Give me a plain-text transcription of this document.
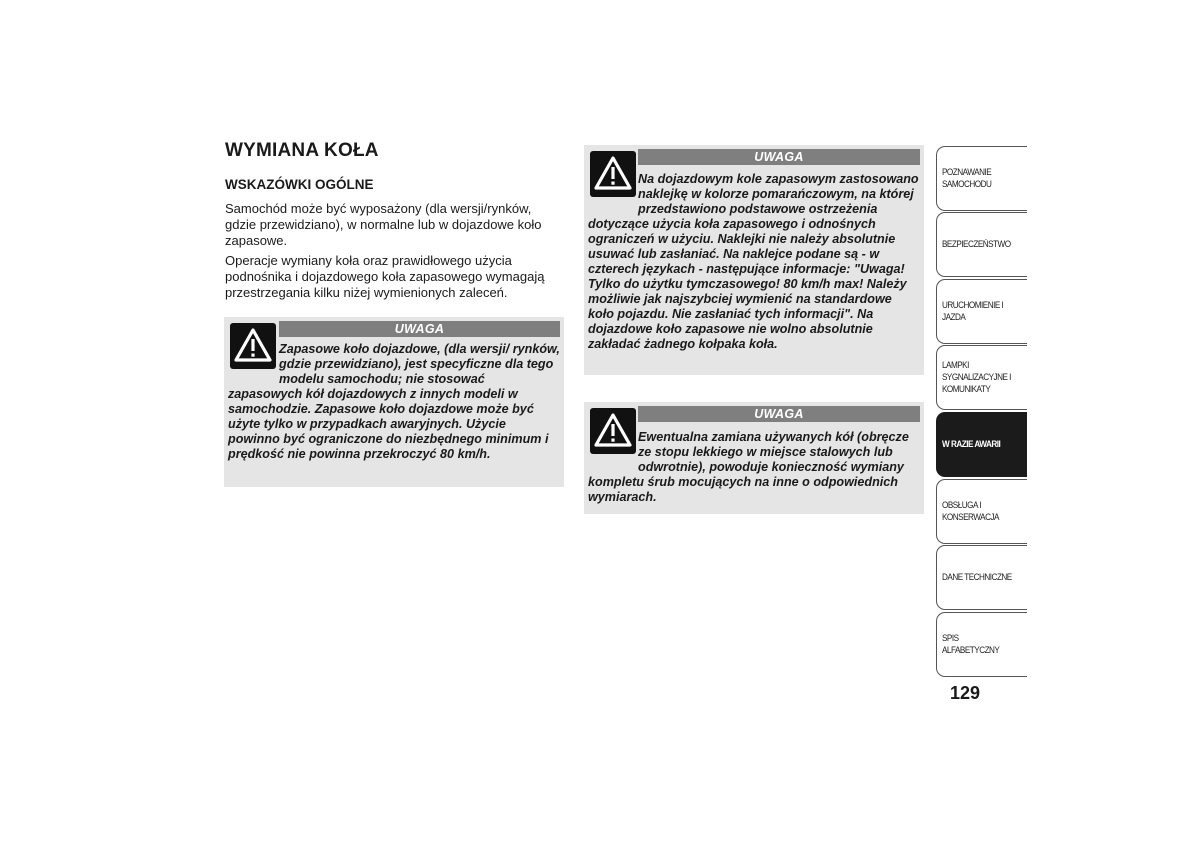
WYMIANA KOŁA
WSKAZÓWKI OGÓLNE

Samochód może być wyposażony (dla wersji/rynków, gdzie przewidziano), w normalne lub w dojazdowe koło zapasowe.

Operacje wymiany koła oraz prawidłowego użycia podnośnika i dojazdowego koła zapasowego wymagają przestrzegania kilku niżej wymienionych zaleceń.

UWAGA

Zapasowe koło dojazdowe, (dla wersji/ rynków, gdzie przewidziano), jest specyficzne dla tego modelu samochodu; nie stosować zapasowych kół dojazdowych z innych modeli w samochodzie. Zapasowe koło dojazdowe może być użyte tylko w przypadkach awaryjnych. Użycie powinno być ograniczone do niezbędnego minimum i prędkość nie powinna przekroczyć 80 km/h.

UWAGA

Na dojazdowym kole zapasowym zastosowano naklejkę w kolorze pomarańczowym, na której przedstawiono podstawowe ostrzeżenia dotyczące użycia koła zapasowego i odnośnych ograniczeń w użyciu. Naklejki nie należy absolutnie usuwać lub zasłaniać. Na naklejce podane są - w czterech językach - następujące informacje: "Uwaga! Tylko do użytku tymczasowego! 80 km/h max! Należy możliwie jak najszybciej wymienić na standardowe koło pojazdu. Nie zasłaniać tych informacji". Na dojazdowe koło zapasowe nie wolno absolutnie zakładać żadnego kołpaka koła.

UWAGA

Ewentualna zamiana używanych kół (obręcze ze stopu lekkiego w miejsce stalowych lub odwrotnie), powoduje konieczność wymiany kompletu śrub mocujących na inne o odpowiednich wymiarach.

POZNAWANIE
SAMOCHODU
BEZPIECZEŃSTWO
URUCHOMIENIE I
JAZDA
LAMPKI
SYGNALIZACYJNE I
KOMUNIKATY
W RAZIE AWARII
OBSŁUGA I
KONSERWACJA
DANE TECHNICZNE
SPIS ALFABETYCZNY
129
